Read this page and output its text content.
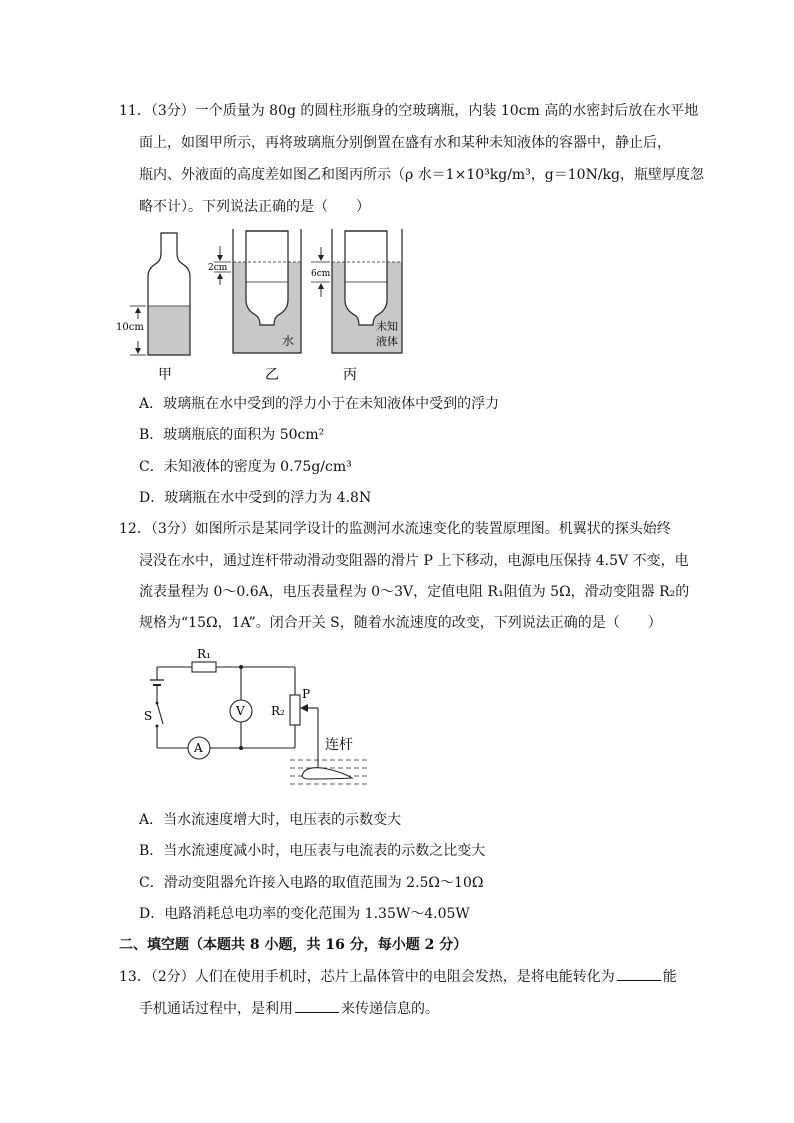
11．（3分）一个质量为 80g 的圆柱形瓶身的空玻璃瓶，内装 10cm 高的水密封后放在水平地
面上，如图甲所示，再将玻璃瓶分别倒置在盛有水和某种未知液体的容器中，静止后，
瓶内、外液面的高度差如图乙和图丙所示（ρ 水＝1×10³kg/m³，g＝10N/kg，瓶壁厚度忽
略不计）。下列说法正确的是（　　）
10cm
2cm
水
6cm
未知
液体
甲	乙	丙
A．玻璃瓶在水中受到的浮力小于在未知液体中受到的浮力
B．玻璃瓶底的面积为 50cm²
C．未知液体的密度为 0.75g/cm³
D．玻璃瓶在水中受到的浮力为 4.8N
12．（3分）如图所示是某同学设计的监测河水流速变化的装置原理图。机翼状的探头始终
浸没在水中，通过连杆带动滑动变阻器的滑片 P 上下移动，电源电压保持 4.5V 不变，电
流表量程为 0～0.6A，电压表量程为 0～3V，定值电阻 R₁阻值为 5Ω，滑动变阻器 R₂的
规格为“15Ω，1A”。闭合开关 S，随着水流速度的改变，下列说法正确的是（　　）
R₁
P
R₂
S	V
A	连杆
A．当水流速度增大时，电压表的示数变大
B．当水流速度减小时，电压表与电流表的示数之比变大
C．滑动变阻器允许接入电路的取值范围为 2.5Ω～10Ω
D．电路消耗总电功率的变化范围为 1.35W～4.05W
二、填空题（本题共 8 小题，共 16 分，每小题 2 分）
13．（2分）人们在使用手机时，芯片上晶体管中的电阻会发热，是将电能转化为	能
手机通话过程中，是利用	来传递信息的。
